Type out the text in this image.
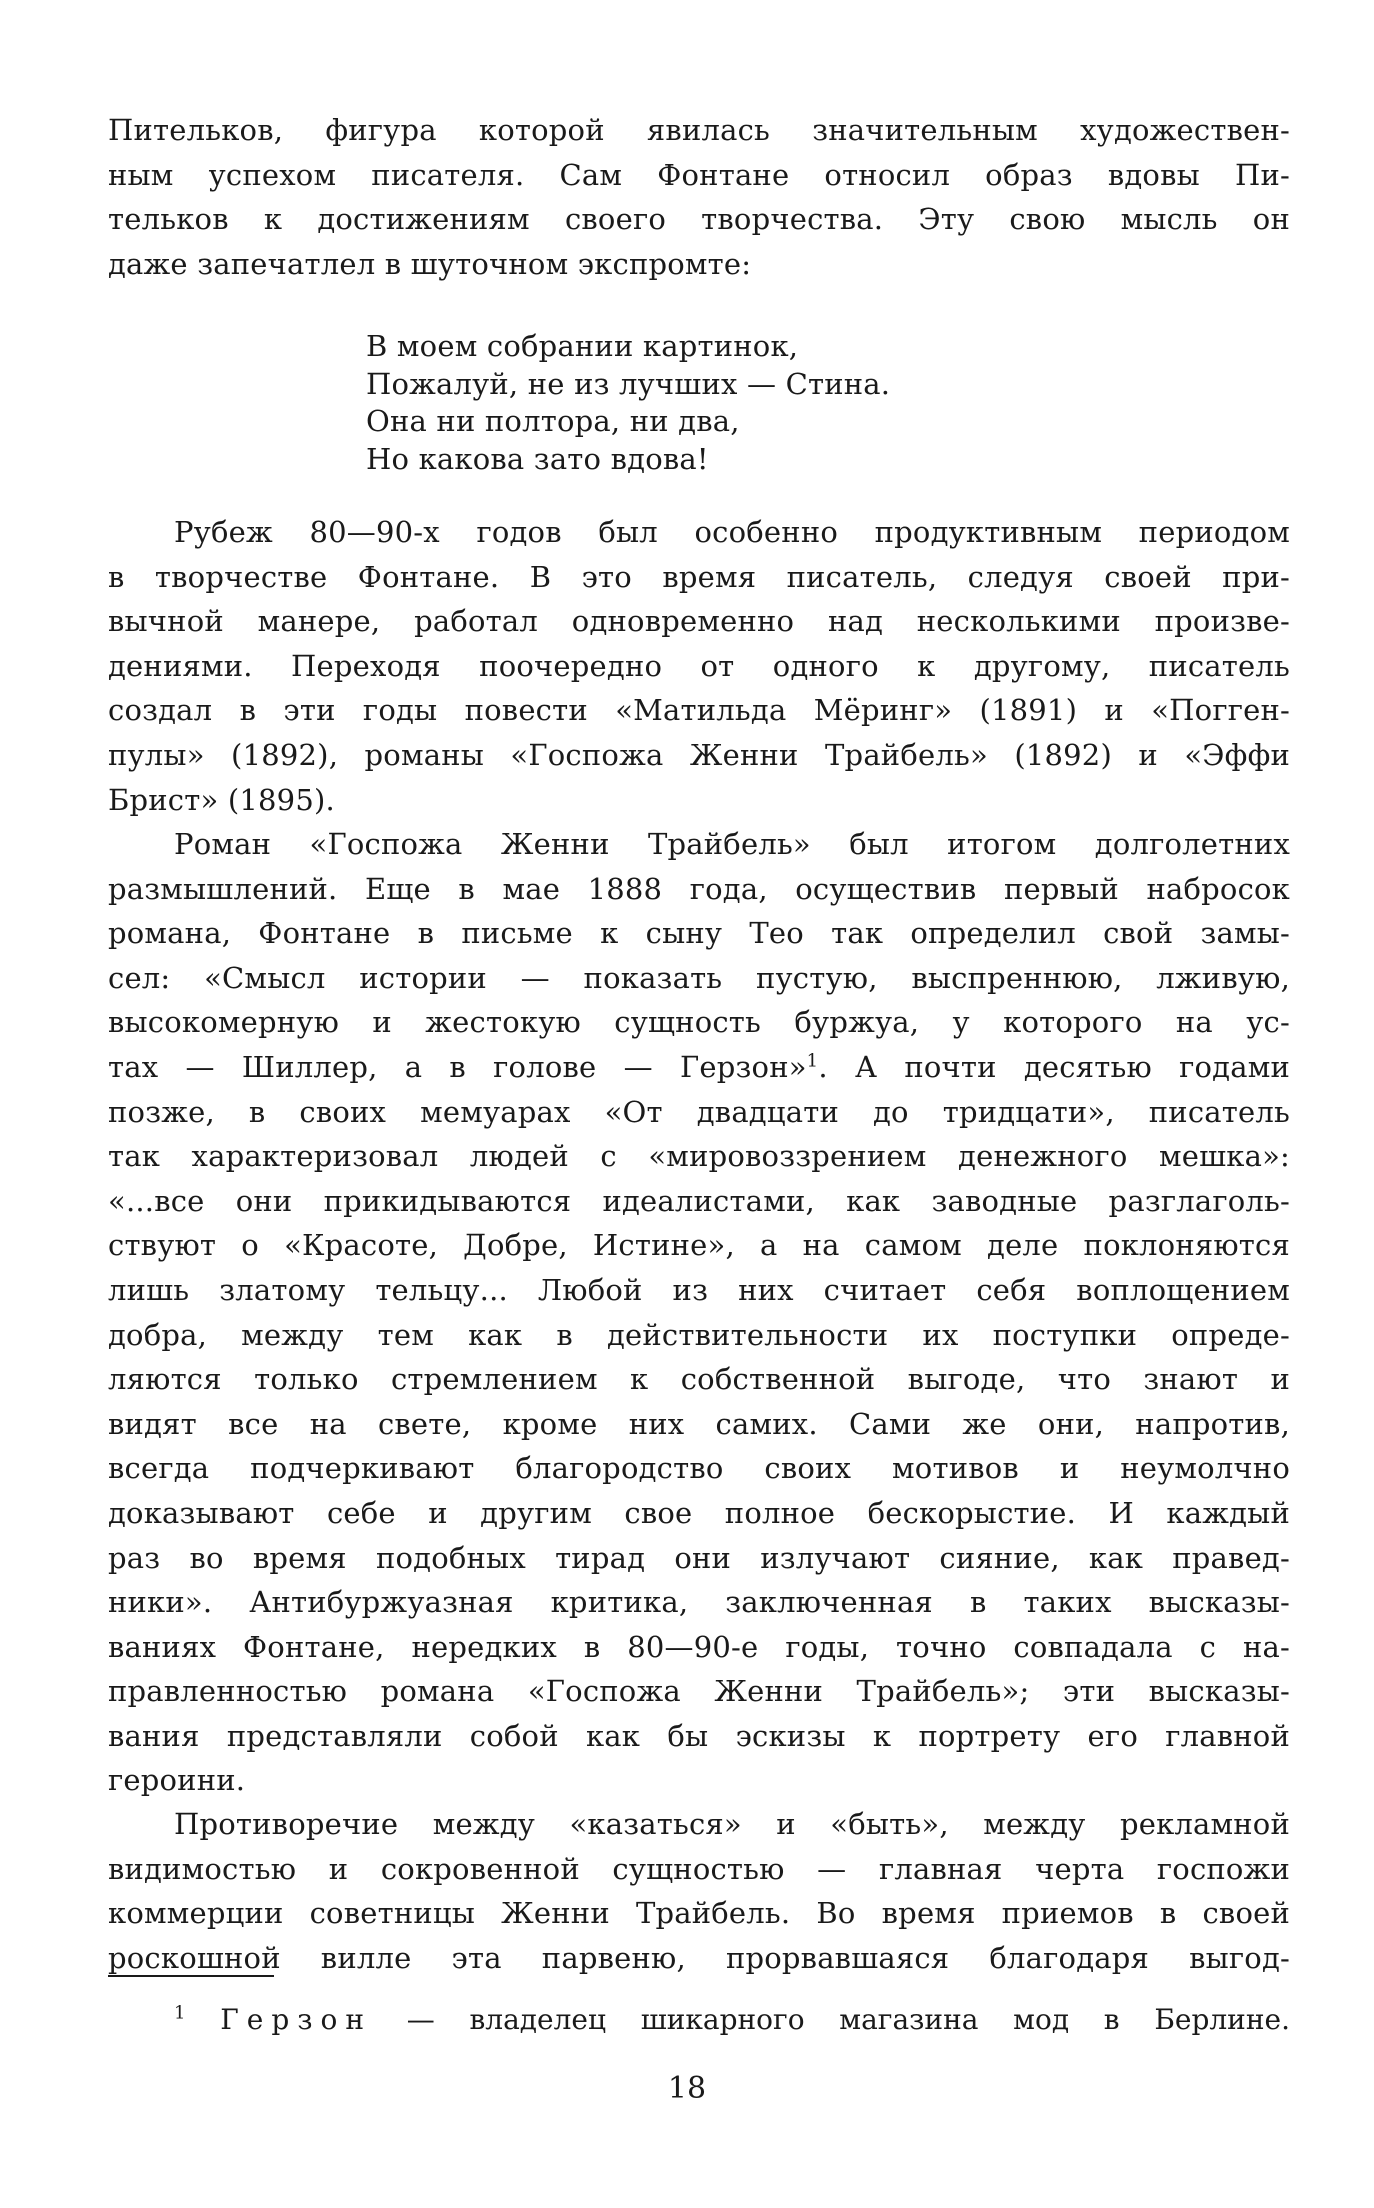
Пителькoв, фигура которой явилась значительным художествен-
ным успехом писателя. Сам Фонтане относил образ вдовы Пи-
тельков к достижениям своего творчества. Эту свою мысль он
даже запечатлел в шуточном экспромте:
В моем собрании картинок,
Пожалуй, не из лучших — Стина.
Она ни полтора, ни два,
Но какова зато вдова!
Рубеж 80—90-х годов был особенно продуктивным периодом
в творчестве Фонтане. В это время писатель, следуя своей при-
вычной манере, работал одновременно над несколькими произве-
дениями. Переходя поочередно от одного к другому, писатель
создал в эти годы повести «Матильда Мёринг» (1891) и «Погген-
пулы» (1892), романы «Госпожа Женни Трайбель» (1892) и «Эффи
Брист» (1895).
Роман «Госпожа Женни Трайбель» был итогом долголетних
размышлений. Еще в мае 1888 года, осуществив первый набросок
романа, Фонтане в письме к сыну Тео так определил свой замы-
сел: «Смысл истории — показать пустую, выспреннюю, лживую,
высокомерную и жестокую сущность буржуа, у которого на ус-
тах — Шиллер, а в голове — Герзон»$^1$. А почти десятью годами
позже, в своих мемуарах «От двадцати до тридцати», писатель
так характеризовал людей с «мировоззрением денежного мешка»:
«...все они прикидываются идеалистами, как заводные разглаголь-
ствуют о «Красоте, Добре, Истине», а на самом деле поклоняются
лишь златому тельцу... Любой из них считает себя воплощением
добра, между тем как в действительности их поступки опреде-
ляются только стремлением к собственной выгоде, что знают и
видят все на свете, кроме них самих. Сами же они, напротив,
всегда подчеркивают благородство своих мотивов и неумолчно
доказывают себе и другим свое полное бескорыстие. И каждый
раз во время подобных тирад они излучают сияние, как правед-
ники». Антибуржуазная критика, заключенная в таких высказы-
ваниях Фонтане, нередких в 80—90-е годы, точно совпадала с на-
правленностью романа «Госпожа Женни Трайбель»; эти высказы-
вания представляли собой как бы эскизы к портрету его главной
героини.
Противоречие между «казаться» и «быть», между рекламной
видимостью и сокровенной сущностью — главная черта госпожи
коммерции советницы Женни Трайбель. Во время приемов в своей
роскошной вилле эта парвеню, прорвавшаяся благодаря выгод-
$^1$ Герзон — владелец шикарного магазина мод в Берлине.
18
